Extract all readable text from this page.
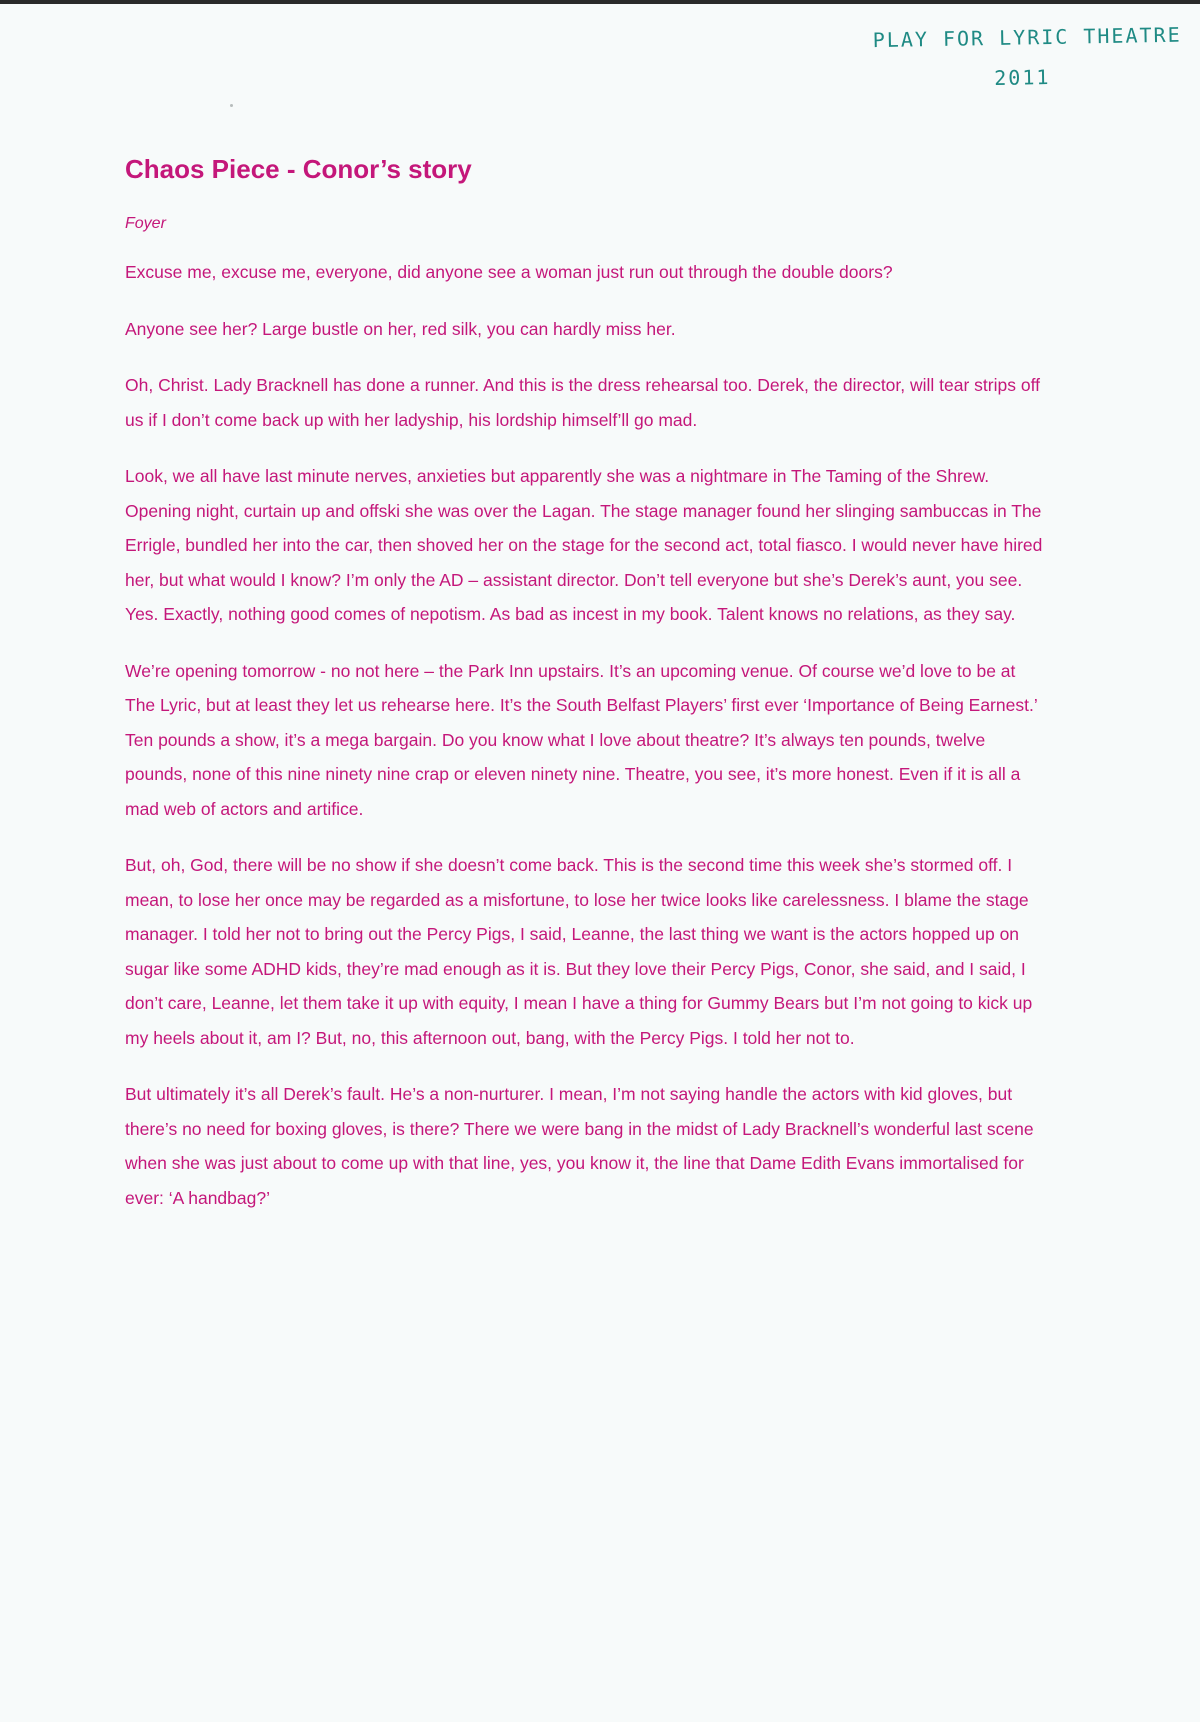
PLAY FOR LYRIC THEATRE
2011
Chaos Piece - Conor’s story
Foyer

Excuse me, excuse me, everyone, did anyone see a woman just run out through the double doors?

Anyone see her? Large bustle on her, red silk, you can hardly miss her.

Oh, Christ. Lady Bracknell has done a runner. And this is the dress rehearsal too. Derek, the director, will tear strips off us if I don’t come back up with her ladyship, his lordship himself’ll go mad.

Look, we all have last minute nerves, anxieties but apparently she was a nightmare in The Taming of the Shrew. Opening night, curtain up and offski she was over the Lagan. The stage manager found her slinging sambuccas in The Errigle, bundled her into the car, then shoved her on the stage for the second act, total fiasco. I would never have hired her, but what would I know? I’m only the AD – assistant director. Don’t tell everyone but she’s Derek’s aunt, you see. Yes. Exactly, nothing good comes of nepotism. As bad as incest in my book. Talent knows no relations, as they say.

We’re opening tomorrow - no not here – the Park Inn upstairs. It’s an upcoming venue. Of course we’d love to be at The Lyric, but at least they let us rehearse here. It’s the South Belfast Players’ first ever ‘Importance of Being Earnest.’ Ten pounds a show, it’s a mega bargain. Do you know what I love about theatre? It’s always ten pounds, twelve pounds, none of this nine ninety nine crap or eleven ninety nine. Theatre, you see, it’s more honest. Even if it is all a mad web of actors and artifice.

But, oh, God, there will be no show if she doesn’t come back. This is the second time this week she’s stormed off. I mean, to lose her once may be regarded as a misfortune, to lose her twice looks like carelessness. I blame the stage manager. I told her not to bring out the Percy Pigs, I said, Leanne, the last thing we want is the actors hopped up on sugar like some ADHD kids, they’re mad enough as it is. But they love their Percy Pigs, Conor, she said, and I said, I don’t care, Leanne, let them take it up with equity, I mean I have a thing for Gummy Bears but I’m not going to kick up my heels about it, am I? But, no, this afternoon out, bang, with the Percy Pigs. I told her not to.

But ultimately it’s all Derek’s fault. He’s a non-nurturer. I mean, I’m not saying handle the actors with kid gloves, but there’s no need for boxing gloves, is there? There we were bang in the midst of Lady Bracknell’s wonderful last scene when she was just about to come up with that line, yes, you know it, the line that Dame Edith Evans immortalised for ever: ‘A handbag?’
